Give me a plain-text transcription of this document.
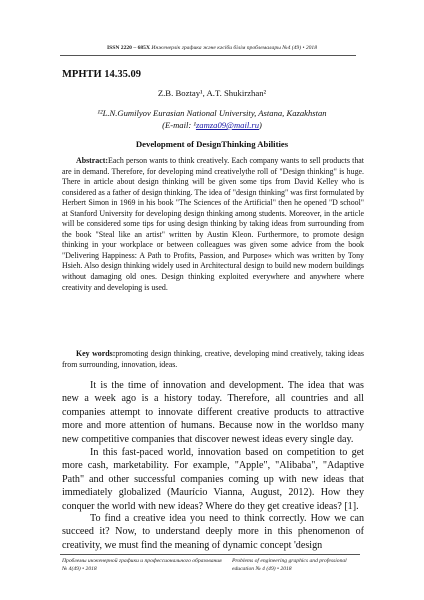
ISSN 2220 – 685X Инженерлік графика және кәсіби білім проблемалары №4 (49) • 2018
МРНТИ 14.35.09
Z.B. Boztay¹, A.T. Shukirzhan²
¹²L.N.Gumilyov Eurasian National University, Astana, Kazakhstan
(E-mail: ¹zamza09@mail.ru)
Development of DesignThinking Abilities

Abstract:Each person wants to think creatively. Each company wants to sell products that are in demand. Therefore, for developing mind creativelythe roll of "Design thinking" is huge. There in article about design thinking will be given some tips from David Kelley who is considered as a father of design thinking. The idea of "design thinking" was first formulated by Herbert Simon in 1969 in his book "The Sciences of the Artificial" then he opened "D school" at Stanford University for developing design thinking among students. Moreover, in the article will be considered some tips for using design thinking by taking ideas from surrounding from the book "Steal like an artist" written by Austin Kleon. Furthermore, to promote design thinking in your workplace or between colleagues was given some advice from the book "Delivering Happiness: A Path to Profits, Passion, and Purpose» which was written by Tony Hsieh. Also design thinking widely used in Architectural design to build new modern buildings without damaging old ones. Design thinking exploited everywhere and anywhere where creativity and developing is used.

Key words:promoting design thinking, creative, developing mind creatively, taking ideas from surrounding, innovation, ideas.

It is the time of innovation and development. The idea that was new a week ago is a history today. Therefore, all countries and all companies attempt to innovate different creative products to attractive more and more attention of humans. Because now in the worldso many new competitive companies that discover newest ideas every single day.

In this fast-paced world, innovation based on competition to get more cash, marketability. For example, "Apple", "Alibaba", "Adaptive Path" and other successful companies coming up with new ideas that immediately globalized (Maurício Vianna, August, 2012). How they conquer the world with new ideas? Where do they get creative ideas? [1].

To find a creative idea you need to think correctly. How we can succeed it? Now, to understand deeply more in this phenomenon of creativity, we must find the meaning of dynamic concept 'design

Проблемы инженерной графики и профессионального образования № 4(49) • 2018
Problems of engineering graphics and professional education № 4 (49) • 2018
